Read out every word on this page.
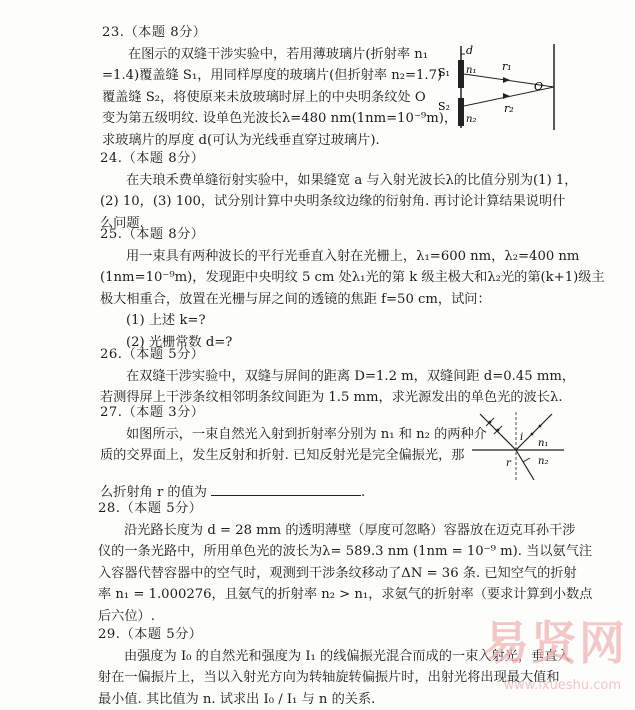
23.（本题 8分）
在图示的双缝干涉实验中，若用薄玻璃片(折射率 n₁
=1.4)覆盖缝 S₁，用同样厚度的玻璃片(但折射率 n₂=1.7)
覆盖缝 S₂，将使原来未放玻璃时屏上的中央明条纹处 O
变为第五级明纹. 设单色光波长λ=480 nm(1nm=10⁻⁹m)，
求玻璃片的厚度 d(可认为光线垂直穿过玻璃片).
d
S₁
S₂
n₁
n₂
r₁
r₂
O
24.（本题 8分）
在夫琅禾费单缝衍射实验中，如果缝宽 a 与入射光波长λ的比值分别为(1) 1，
(2) 10，(3) 100，试分别计算中央明条纹边缘的衍射角. 再讨论计算结果说明什
么问题.
25.（本题 8分）
用一束具有两种波长的平行光垂直入射在光栅上，λ₁=600 nm，λ₂=400 nm
(1nm=10⁻⁹m)，发现距中央明纹 5 cm 处λ₁光的第 k 级主极大和λ₂光的第(k+1)级主
极大相重合，放置在光栅与屏之间的透镜的焦距 f=50 cm，试问：
(1) 上述 k=?
(2) 光栅常数 d=?
26.（本题 5分）
在双缝干涉实验中，双缝与屏间的距离 D=1.2 m，双缝间距 d=0.45 mm，
若测得屏上干涉条纹相邻明条纹间距为 1.5 mm，求光源发出的单色光的波长λ.
27.（本题 3分）
如图所示，一束自然光入射到折射率分别为 n₁ 和 n₂ 的两种介
质的交界面上，发生反射和折射. 已知反射光是完全偏振光，那
么折射角 r 的值为	.
i
r
n₁
n₂
28.（本题 5分）
沿光路长度为 d = 28 mm 的透明薄壁（厚度可忽略）容器放在迈克耳孙干涉
仪的一条光路中，所用单色光的波长为λ= 589.3 nm (1nm = 10⁻⁹ m). 当以氨气注
入容器代替容器中的空气时，观测到干涉条纹移动了ΔN = 36 条. 已知空气的折射
率 n₁ = 1.000276，且氨气的折射率 n₂ > n₁，求氨气的折射率（要求计算到小数点
后六位）.
29.（本题 5分）
由强度为 I₀ 的自然光和强度为 I₁ 的线偏振光混合而成的一束入射光，垂直入
射在一偏振片上，当以入射光方向为转轴旋转偏振片时，出射光将出现最大值和
最小值. 其比值为 n. 试求出 I₀ / I₁ 与 n 的关系.
易贤网
www.ixueshu.com
